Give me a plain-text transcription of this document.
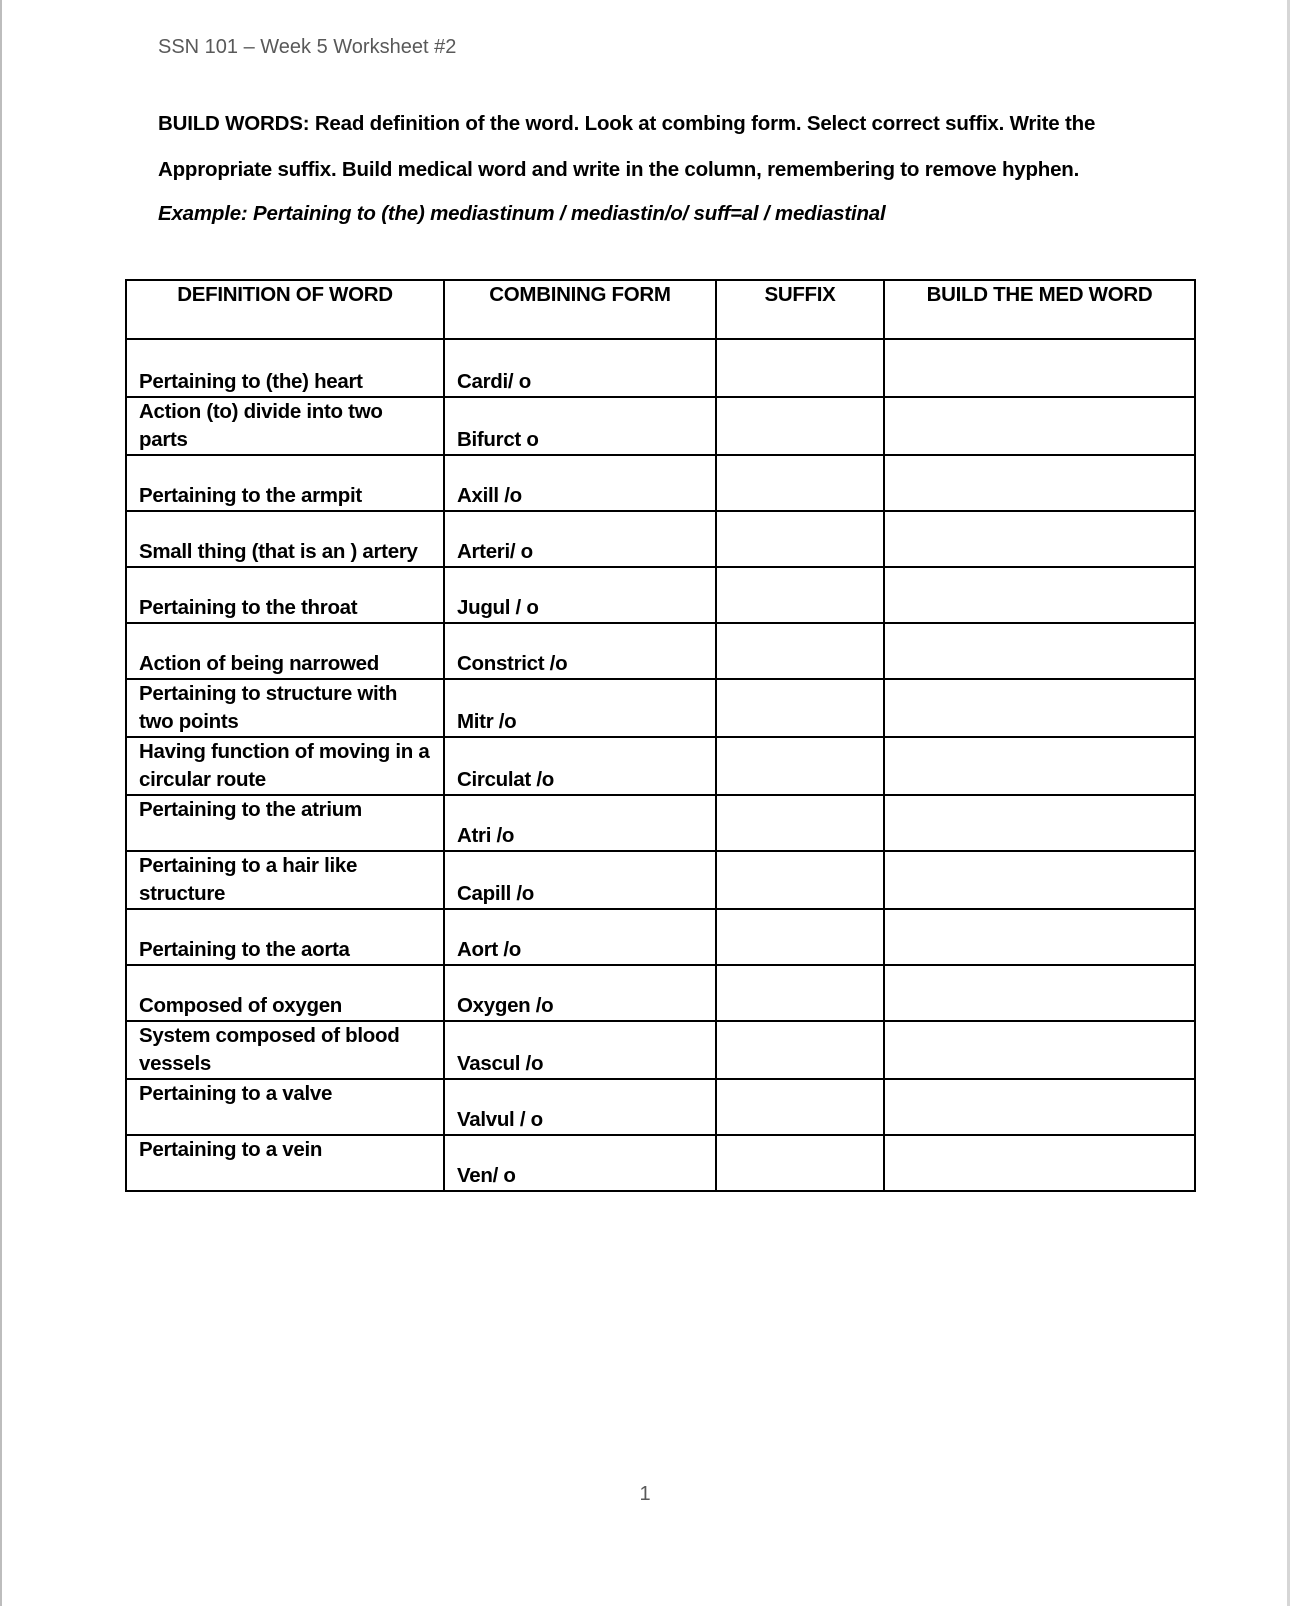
SSN 101 – Week 5 Worksheet #2
BUILD WORDS: Read definition of the word. Look at combing form. Select correct suffix. Write the
Appropriate suffix. Build medical word and write in the column, remembering to remove hyphen.
Example: Pertaining to (the) mediastinum / mediastin/o/ suff=al / mediastinal
DEFINITION OF WORD	COMBINING FORM	SUFFIX	BUILD THE MED WORD
Pertaining to (the) heart	Cardi/ o		
Action (to) divide into two parts	Bifurct o		
Pertaining to the armpit	Axill /o		
Small thing (that is an ) artery	Arteri/ o		
Pertaining to the throat	Jugul / o		
Action of being narrowed	Constrict /o		
Pertaining to structure with two points	Mitr /o		
Having function of moving in a circular route	Circulat /o		
Pertaining to the atrium	Atri /o		
Pertaining to a hair like structure	Capill /o		
Pertaining to the aorta	Aort /o		
Composed of oxygen	Oxygen /o		
System composed of blood vessels	Vascul /o		
Pertaining to a valve	Valvul / o		
Pertaining to a vein	Ven/ o		
1
